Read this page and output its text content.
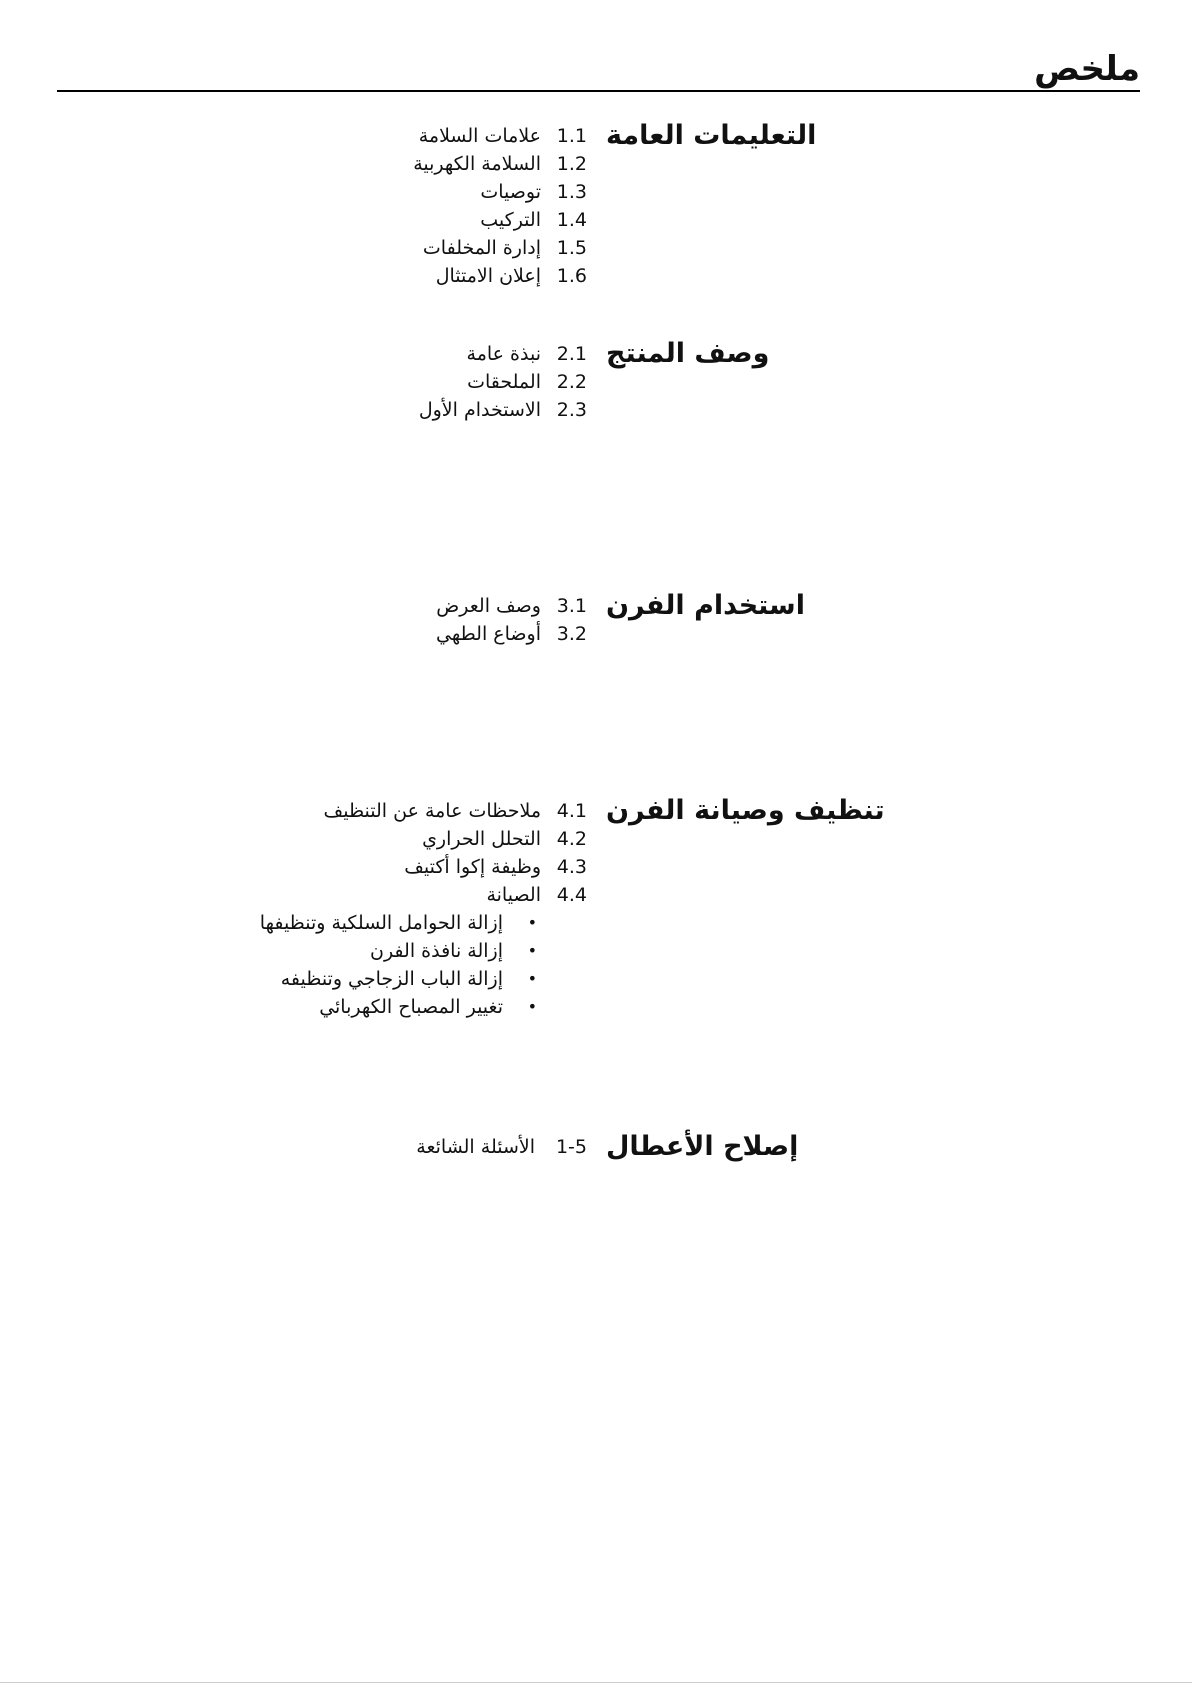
ملخص
التعليمات العامة
علامات السلامة 1.1
السلامة الكهربية 1.2
توصيات 1.3
التركيب 1.4
إدارة المخلفات 1.5
إعلان الامتثال 1.6
وصف المنتج
نبذة عامة 2.1
الملحقات 2.2
الاستخدام الأول 2.3
استخدام الفرن
وصف العرض 3.1
أوضاع الطهي 3.2
تنظيف وصيانة الفرن
ملاحظات عامة عن التنظيف 4.1
التحلل الحراري 4.2
وظيفة إكوا أكتيف 4.3
الصيانة 4.4
إزالة الحوامل السلكية وتنظيفها	•
إزالة نافذة الفرن	•
إزالة الباب الزجاجي وتنظيفه	•
تغيير المصباح الكهربائي	•
إصلاح الأعطال
الأسئلة الشائعة	1-5
